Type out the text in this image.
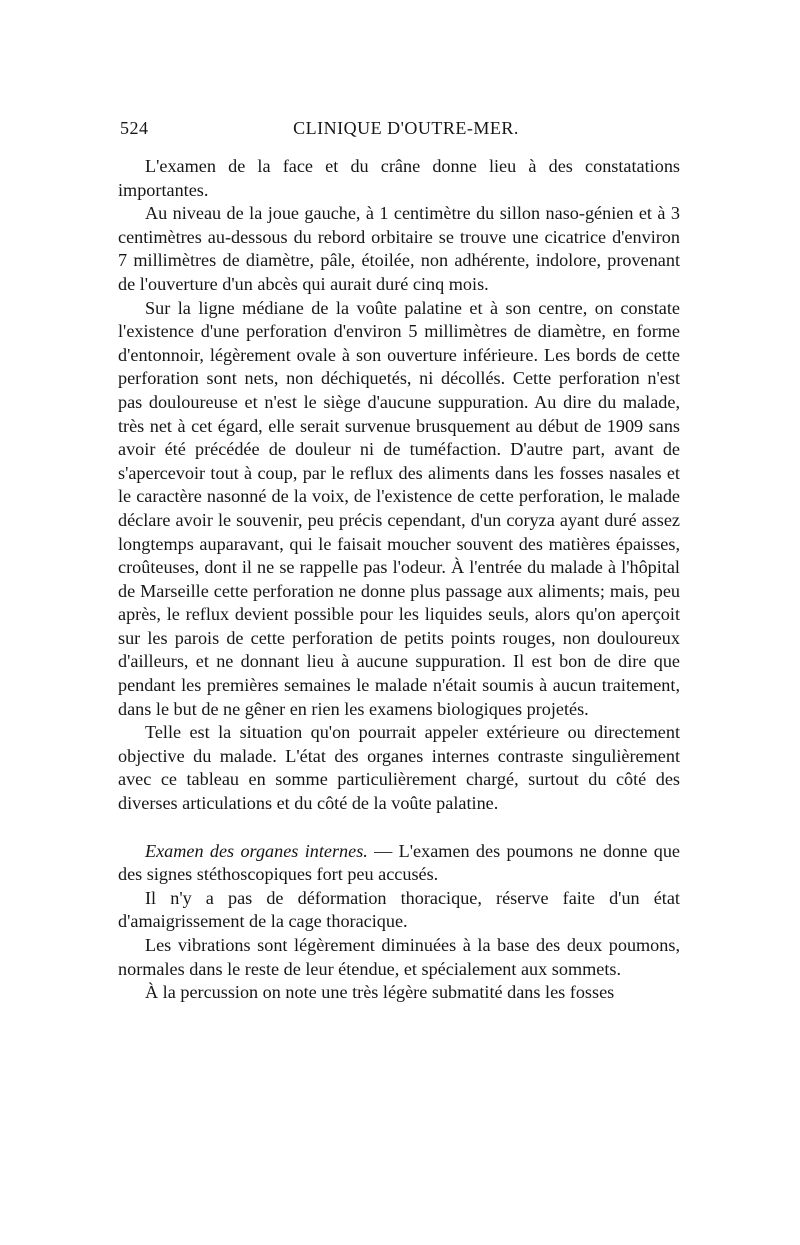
524	CLINIQUE D'OUTRE-MER.

L'examen de la face et du crâne donne lieu à des constatations importantes.

Au niveau de la joue gauche, à 1 centimètre du sillon naso-génien et à 3 centimètres au-dessous du rebord orbitaire se trouve une cicatrice d'environ 7 millimètres de diamètre, pâle, étoilée, non adhérente, indolore, provenant de l'ouverture d'un abcès qui aurait duré cinq mois.

Sur la ligne médiane de la voûte palatine et à son centre, on constate l'existence d'une perforation d'environ 5 millimètres de diamètre, en forme d'entonnoir, légèrement ovale à son ouverture inférieure. Les bords de cette perforation sont nets, non déchiquetés, ni décollés. Cette perforation n'est pas douloureuse et n'est le siège d'aucune suppuration. Au dire du malade, très net à cet égard, elle serait survenue brusquement au début de 1909 sans avoir été précédée de douleur ni de tuméfaction. D'autre part, avant de s'apercevoir tout à coup, par le reflux des aliments dans les fosses nasales et le caractère nasonné de la voix, de l'existence de cette perforation, le malade déclare avoir le souvenir, peu précis cependant, d'un coryza ayant duré assez longtemps auparavant, qui le faisait moucher souvent des matières épaisses, croûteuses, dont il ne se rappelle pas l'odeur. À l'entrée du malade à l'hôpital de Marseille cette perforation ne donne plus passage aux aliments; mais, peu après, le reflux devient possible pour les liquides seuls, alors qu'on aperçoit sur les parois de cette perforation de petits points rouges, non douloureux d'ailleurs, et ne donnant lieu à aucune suppuration. Il est bon de dire que pendant les premières semaines le malade n'était soumis à aucun traitement, dans le but de ne gêner en rien les examens biologiques projetés.

Telle est la situation qu'on pourrait appeler extérieure ou directement objective du malade. L'état des organes internes contraste singulièrement avec ce tableau en somme particulièrement chargé, surtout du côté des diverses articulations et du côté de la voûte palatine.

Examen des organes internes. — L'examen des poumons ne donne que des signes stéthoscopiques fort peu accusés.

Il n'y a pas de déformation thoracique, réserve faite d'un état d'amaigrissement de la cage thoracique.

Les vibrations sont légèrement diminuées à la base des deux poumons, normales dans le reste de leur étendue, et spécialement aux sommets.

À la percussion on note une très légère submatité dans les fosses
